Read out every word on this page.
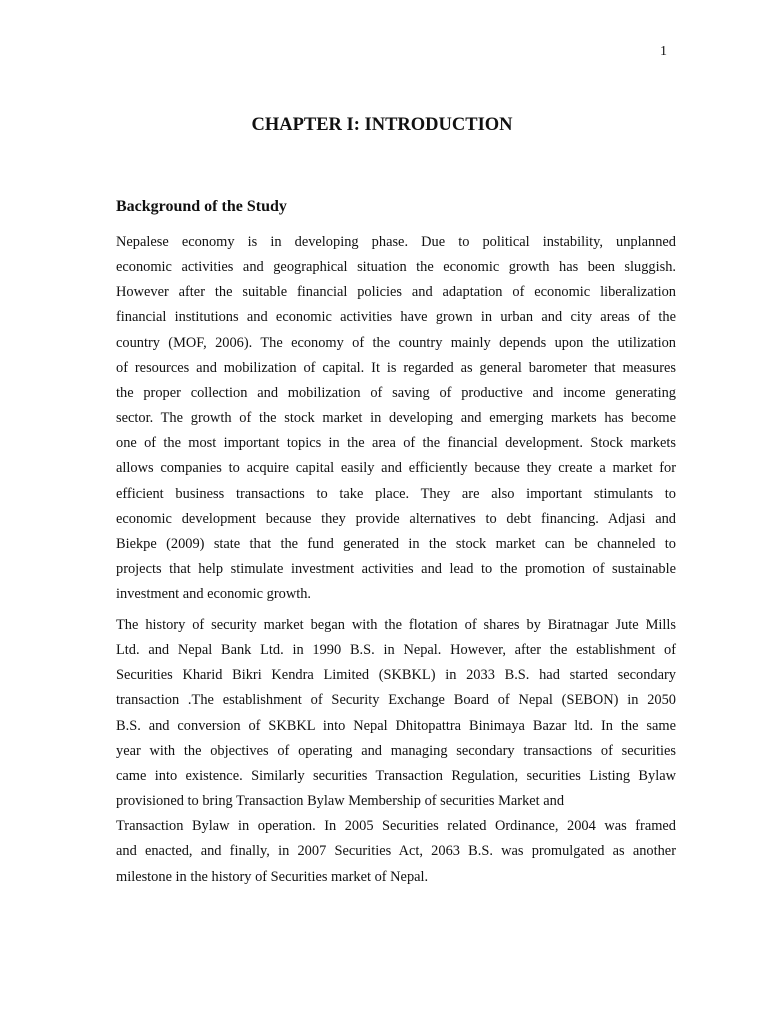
1
CHAPTER I: INTRODUCTION
Background of the Study

Nepalese economy is in developing phase. Due to political instability, unplanned
economic activities and geographical situation the economic growth has been sluggish.
However after the suitable financial policies and adaptation of economic liberalization
financial institutions and economic activities have grown in urban and city areas of the
country (MOF, 2006). The economy of the country mainly depends upon the utilization
of resources and mobilization of capital. It is regarded as general barometer that measures
the proper collection and mobilization of saving of productive and income generating
sector. The growth of the stock market in developing and emerging markets has become
one of the most important topics in the area of the financial development. Stock markets
allows companies to acquire capital easily and efficiently because they create a market for
efficient business transactions to take place. They are also important stimulants to
economic development because they provide alternatives to debt financing. Adjasi and
Biekpe (2009) state that the fund generated in the stock market can be channeled to
projects that help stimulate investment activities and lead to the promotion of sustainable
investment and economic growth.

The history of security market began with the flotation of shares by Biratnagar Jute Mills
Ltd. and Nepal Bank Ltd. in 1990 B.S. in Nepal. However, after the establishment of
Securities Kharid Bikri Kendra Limited (SKBKL) in 2033 B.S. had started secondary
transaction .The establishment of Security Exchange Board of Nepal (SEBON) in 2050
B.S. and conversion of SKBKL into Nepal Dhitopattra Binimaya Bazar ltd. In the same
year with the objectives of operating and managing secondary transactions of securities
came into existence. Similarly securities Transaction Regulation, securities Listing Bylaw
provisioned to bring Transaction Bylaw Membership of securities Market and
Transaction Bylaw in operation. In 2005 Securities related Ordinance, 2004 was framed
and enacted, and finally, in 2007 Securities Act, 2063 B.S. was promulgated as another
milestone in the history of Securities market of Nepal.
